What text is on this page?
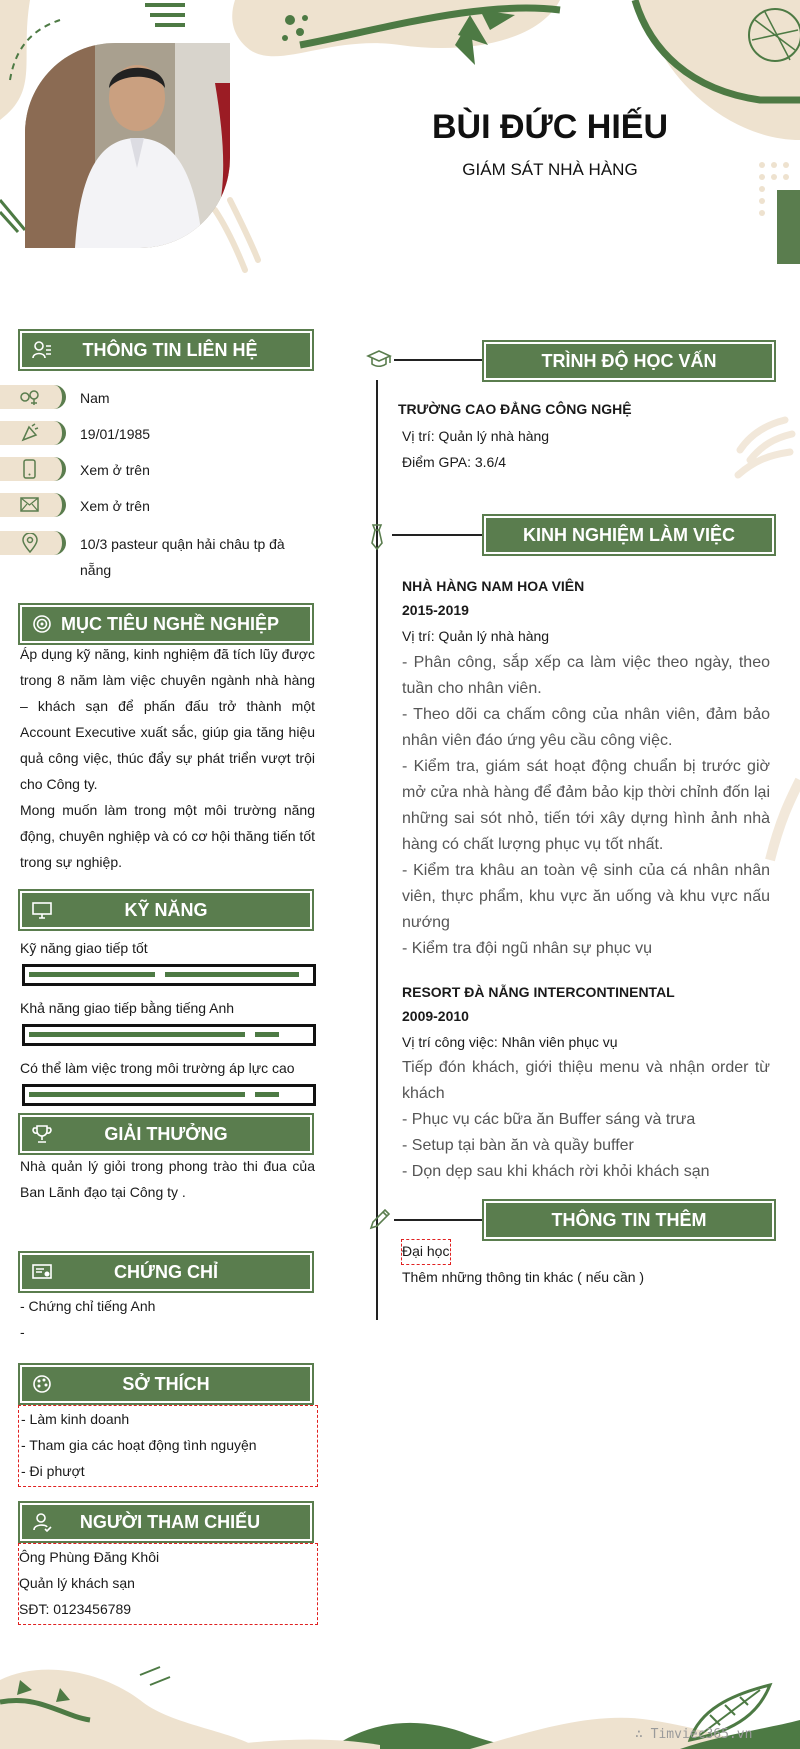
BÙI ĐỨC HIẾU
GIÁM SÁT NHÀ HÀNG
THÔNG TIN LIÊN HỆ
Nam
19/01/1985
Xem ở trên
Xem ở trên
10/3 pasteur quận hải châu tp đà nẵng
MỤC TIÊU NGHỀ NGHIỆP
Áp dụng kỹ năng, kinh nghiệm đã tích lũy được trong 8 năm làm việc chuyên ngành nhà hàng – khách sạn để phấn đấu trở thành một Account Executive xuất sắc, giúp gia tăng hiệu quả công việc, thúc đẩy sự phát triển vượt trội cho Công ty.
Mong muốn làm trong một môi trường năng động, chuyên nghiệp và có cơ hội thăng tiến tốt trong sự nghiệp.
KỸ NĂNG
Kỹ năng giao tiếp tốt
Khả năng giao tiếp bằng tiếng Anh
Có thể làm việc trong môi trường áp lực cao
GIẢI THƯỞNG
Nhà quản lý giỏi trong phong trào thi đua của Ban Lãnh đạo tại Công ty .
CHỨNG CHỈ
- Chứng chỉ tiếng Anh
-
SỞ THÍCH
- Làm kinh doanh
- Tham gia các hoạt động tình nguyện
- Đi phượt
NGƯỜI THAM CHIẾU
Ông Phùng Đăng Khôi
Quản lý khách sạn
SĐT: 0123456789
TRÌNH ĐỘ HỌC VẤN
TRƯỜNG CAO ĐẲNG CÔNG NGHỆ
Vị trí: Quản lý nhà hàng
Điểm GPA: 3.6/4
KINH NGHIỆM LÀM VIỆC
NHÀ HÀNG NAM HOA VIÊN
2015-2019
Vị trí: Quản lý nhà hàng
- Phân công, sắp xếp ca làm việc theo ngày, theo tuần cho nhân viên.
- Theo dõi ca chấm công của nhân viên, đảm bảo nhân viên đáo ứng yêu cầu công việc.
- Kiểm tra, giám sát hoạt động chuẩn bị trước giờ mở cửa nhà hàng để đảm bảo kịp thời chỉnh đốn lại những sai sót nhỏ, tiến tới xây dựng hình ảnh nhà hàng có chất lượng phục vụ tốt nhất.
- Kiểm tra khâu an toàn vệ sinh của cá nhân nhân viên, thực phẩm, khu vực ăn uống và khu vực nấu nướng
- Kiểm tra đội ngũ nhân sự phục vụ
RESORT ĐÀ NẴNG INTERCONTINENTAL
2009-2010
Vị trí công việc: Nhân viên phục vụ
Tiếp đón khách, giới thiệu menu và nhận order từ khách
- Phục vụ các bữa ăn Buffer sáng và trưa
- Setup tại bàn ăn và quầy buffer
- Dọn dẹp sau khi khách rời khỏi khách sạn
THÔNG TIN THÊM
Đại học
Thêm những thông tin khác ( nếu cần )
∴ Timviec365.vn
